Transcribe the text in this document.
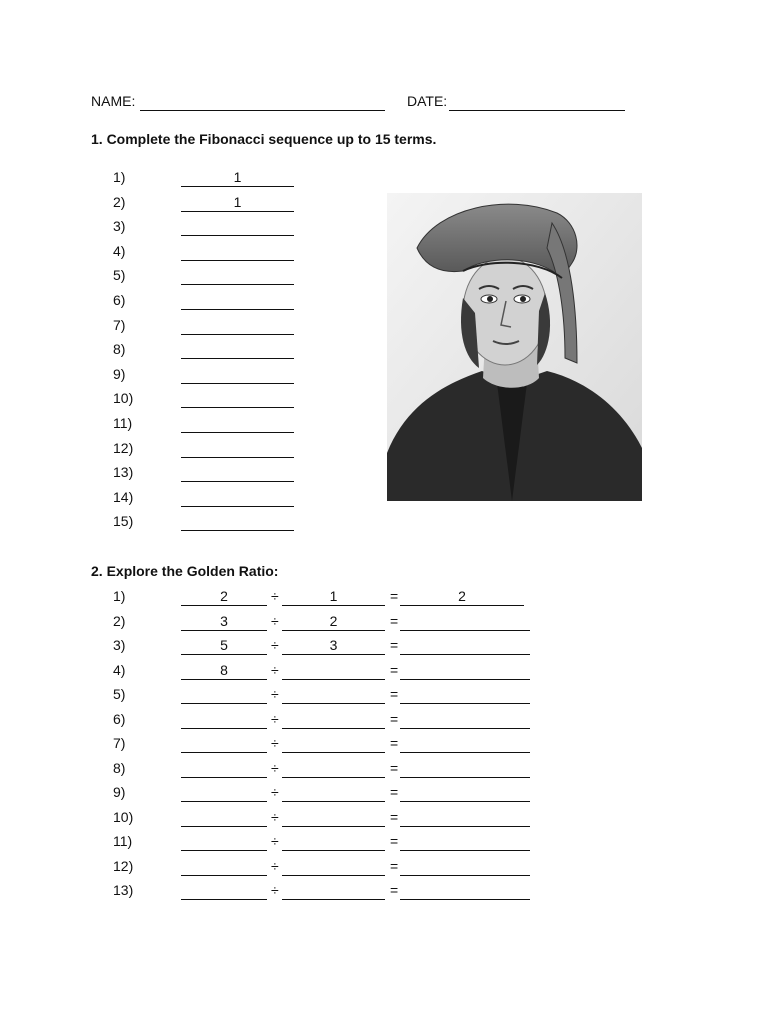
NAME:	DATE:
1. Complete the Fibonacci sequence up to 15 terms.
1)	1
2)	1
3)
4)
5)
6)
7)
8)
9)
10)
11)
12)
13)
14)
15)
2. Explore the Golden Ratio:
1)	2	÷	1	=	2
2)	3	÷	2	=
3)	5	÷	3	=
4)	8	÷	=
5)	÷	=
6)	÷	=
7)	÷	=
8)	÷	=
9)	÷	=
10)	÷	=
11)	÷	=
12)	÷	=
13)	÷	=
